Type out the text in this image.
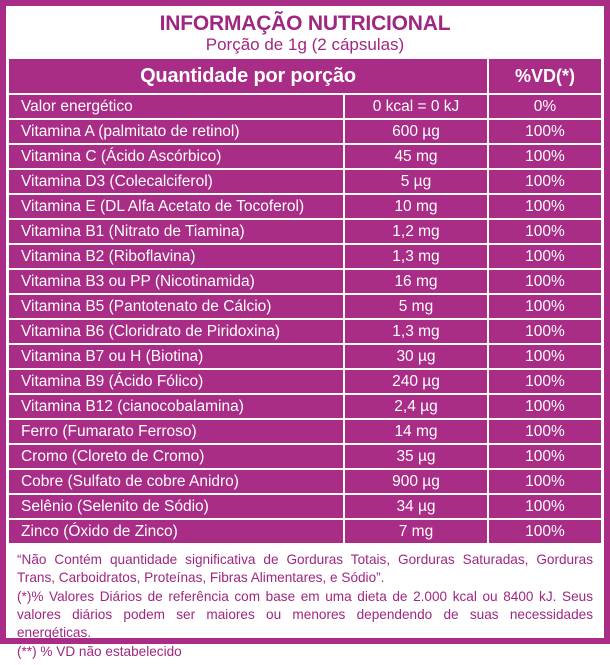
INFORMAÇÃO NUTRICIONAL
Porção de 1g (2 cápsulas)
Quantidade por porção		%VD(*)
Valor energético	0 kcal = 0 kJ	0%
Vitamina A (palmitato de retinol)	600 µg	100%
Vitamina C (Ácido Ascórbico)	45 mg	100%
Vitamina D3 (Colecalciferol)	5 µg	100%
Vitamina E (DL Alfa Acetato de Tocoferol)	10 mg	100%
Vitamina B1 (Nitrato de Tiamina)	1,2 mg	100%
Vitamina B2 (Riboflavina)	1,3 mg	100%
Vitamina B3 ou PP (Nicotinamida)	16 mg	100%
Vitamina B5 (Pantotenato de Cálcio)	5 mg	100%
Vitamina B6 (Cloridrato de Piridoxina)	1,3 mg	100%
Vitamina B7 ou H (Biotina)	30 µg	100%
Vitamina B9 (Ácido Fólico)	240 µg	100%
Vitamina B12 (cianocobalamina)	2,4 µg	100%
Ferro (Fumarato Ferroso)	14 mg	100%
Cromo (Cloreto de Cromo)	35 µg	100%
Cobre (Sulfato de cobre Anidro)	900 µg	100%
Selênio (Selenito de Sódio)	34 µg	100%
Zinco (Óxido de Zinco)	7 mg	100%

“Não Contém quantidade significativa de Gorduras Totais, Gorduras Saturadas, Gorduras Trans, Carboidratos, Proteínas, Fibras Alimentares, e Sódio”.

(*)% Valores Diários de referência com base em uma dieta de 2.000 kcal ou 8400 kJ. Seus valores diários podem ser maiores ou menores dependendo de suas necessidades energéticas.

(**) % VD não estabelecido
